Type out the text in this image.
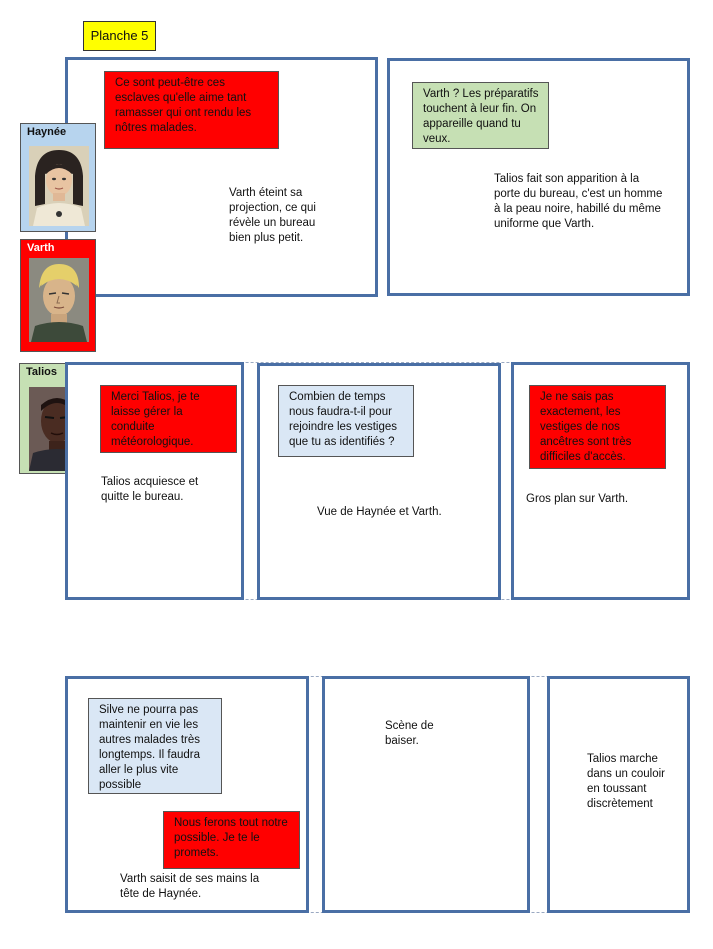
Planche 5
Ce sont peut-être ces esclaves qu'elle aime tant ramasser qui ont rendu les nôtres malades.
Varth éteint sa projection, ce qui révèle un bureau bien plus petit.
Varth ? Les préparatifs touchent à leur fin. On appareille quand tu veux.
Talios fait son apparition à la porte du bureau, c'est un homme à la peau noire, habillé du même uniforme que Varth.
Haynée
Varth
Talios
Merci Talios, je te laisse gérer la conduite météorologique.
Talios acquiesce et quitte le bureau.
Combien de temps nous faudra-t-il pour rejoindre les vestiges que tu as identifiés ?
Vue de Haynée et Varth.
Je ne sais pas exactement, les vestiges de nos ancêtres sont très difficiles d'accès.
Gros plan sur Varth.
Silve ne pourra pas maintenir en vie les autres malades très longtemps. Il faudra aller le plus vite possible
Nous ferons tout notre possible. Je te le promets.
Varth saisit de ses mains la tête de Haynée.
Scène de baiser.
Talios marche dans un couloir en toussant discrètement
